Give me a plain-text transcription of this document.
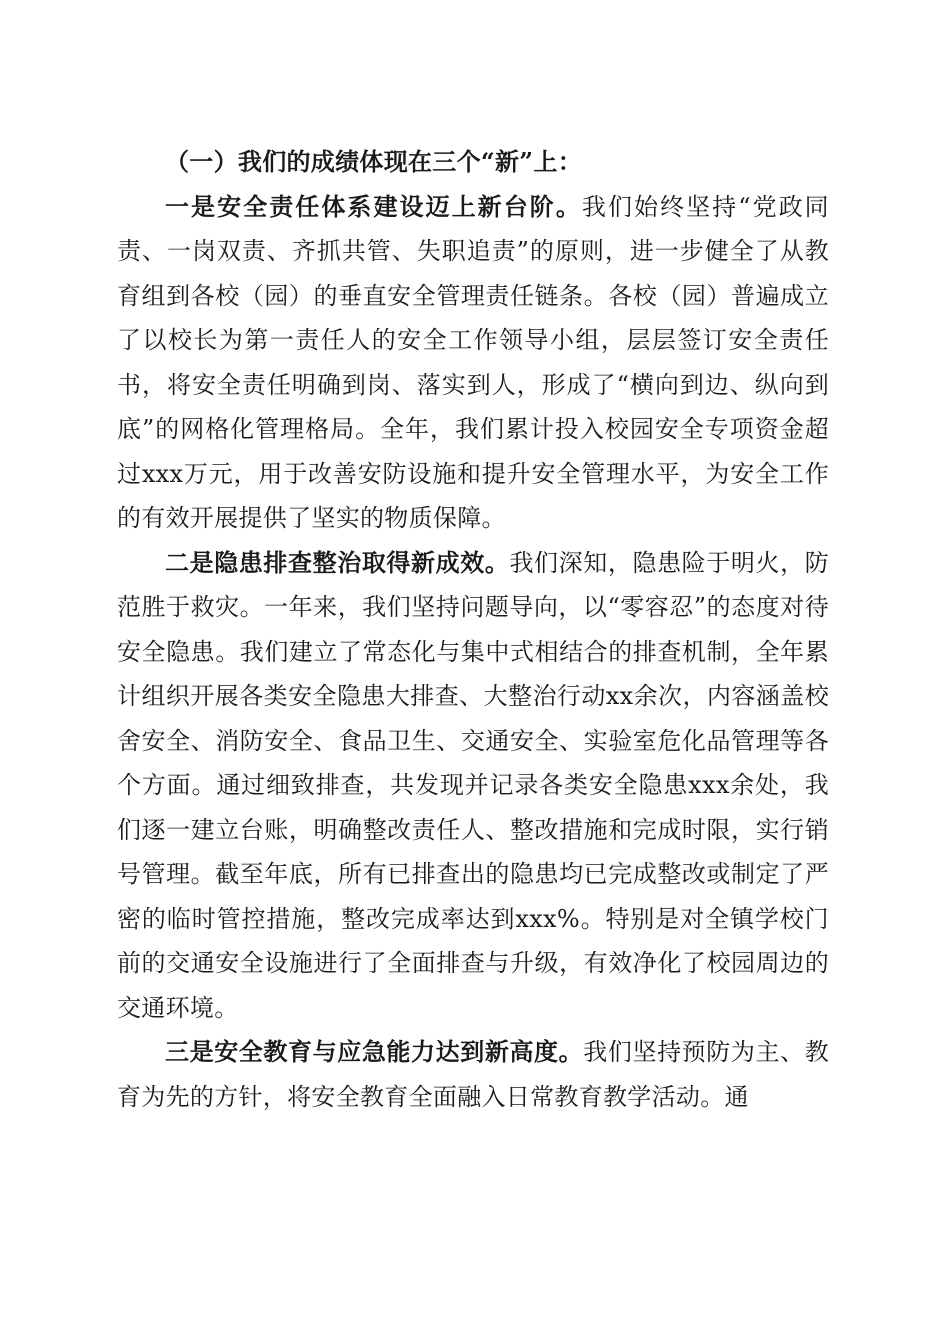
（一）我们的成绩体现在三个“新”上：

一是安全责任体系建设迈上新台阶。我们始终坚持“党政同责、一岗双责、齐抓共管、失职追责”的原则，进一步健全了从教育组到各校（园）的垂直安全管理责任链条。各校（园）普遍成立了以校长为第一责任人的安全工作领导小组，层层签订安全责任书，将安全责任明确到岗、落实到人，形成了“横向到边、纵向到底”的网格化管理格局。全年，我们累计投入校园安全专项资金超过xxx万元，用于改善安防设施和提升安全管理水平，为安全工作的有效开展提供了坚实的物质保障。

二是隐患排查整治取得新成效。我们深知，隐患险于明火，防范胜于救灾。一年来，我们坚持问题导向，以“零容忍”的态度对待安全隐患。我们建立了常态化与集中式相结合的排查机制，全年累计组织开展各类安全隐患大排查、大整治行动xx余次，内容涵盖校舍安全、消防安全、食品卫生、交通安全、实验室危化品管理等各个方面。通过细致排查，共发现并记录各类安全隐患xxx余处，我们逐一建立台账，明确整改责任人、整改措施和完成时限，实行销号管理。截至年底，所有已排查出的隐患均已完成整改或制定了严密的临时管控措施，整改完成率达到xxx%。特别是对全镇学校门前的交通安全设施进行了全面排查与升级，有效净化了校园周边的交通环境。

三是安全教育与应急能力达到新高度。我们坚持预防为主、教育为先的方针，将安全教育全面融入日常教育教学活动。通
